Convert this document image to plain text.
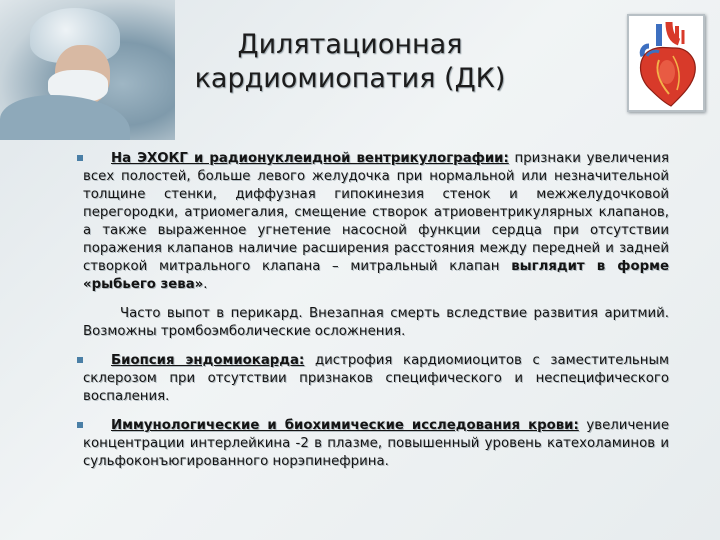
Дилятационная
кардиомиопатия (ДК)

На ЭХОКГ и радионуклеидной вентрикулографии: признаки увеличения всех полостей, больше левого желудочка при нормальной или незначительной толщине стенки, диффузная гипокинезия стенок и межжелудочковой перегородки, атриомегалия, смещение створок атриовентрикулярных клапанов, а также выраженное угнетение насосной функции сердца при отсутствии поражения клапанов наличие расширения расстояния между передней и задней створкой митрального клапана – митральный клапан выглядит в форме «рыбьего зева».

Часто выпот в перикард. Внезапная смерть вследствие развития аритмий. Возможны тромбоэмболические осложнения.

Биопсия эндомиокарда: дистрофия кардиомиоцитов с заместительным склерозом при отсутствии признаков специфического и неспецифического воспаления.

Иммунологические и биохимические исследования крови: увеличение концентрации интерлейкина -2 в плазме, повышенный уровень катехоламинов и сульфоконъюгированного норэпинефрина.
